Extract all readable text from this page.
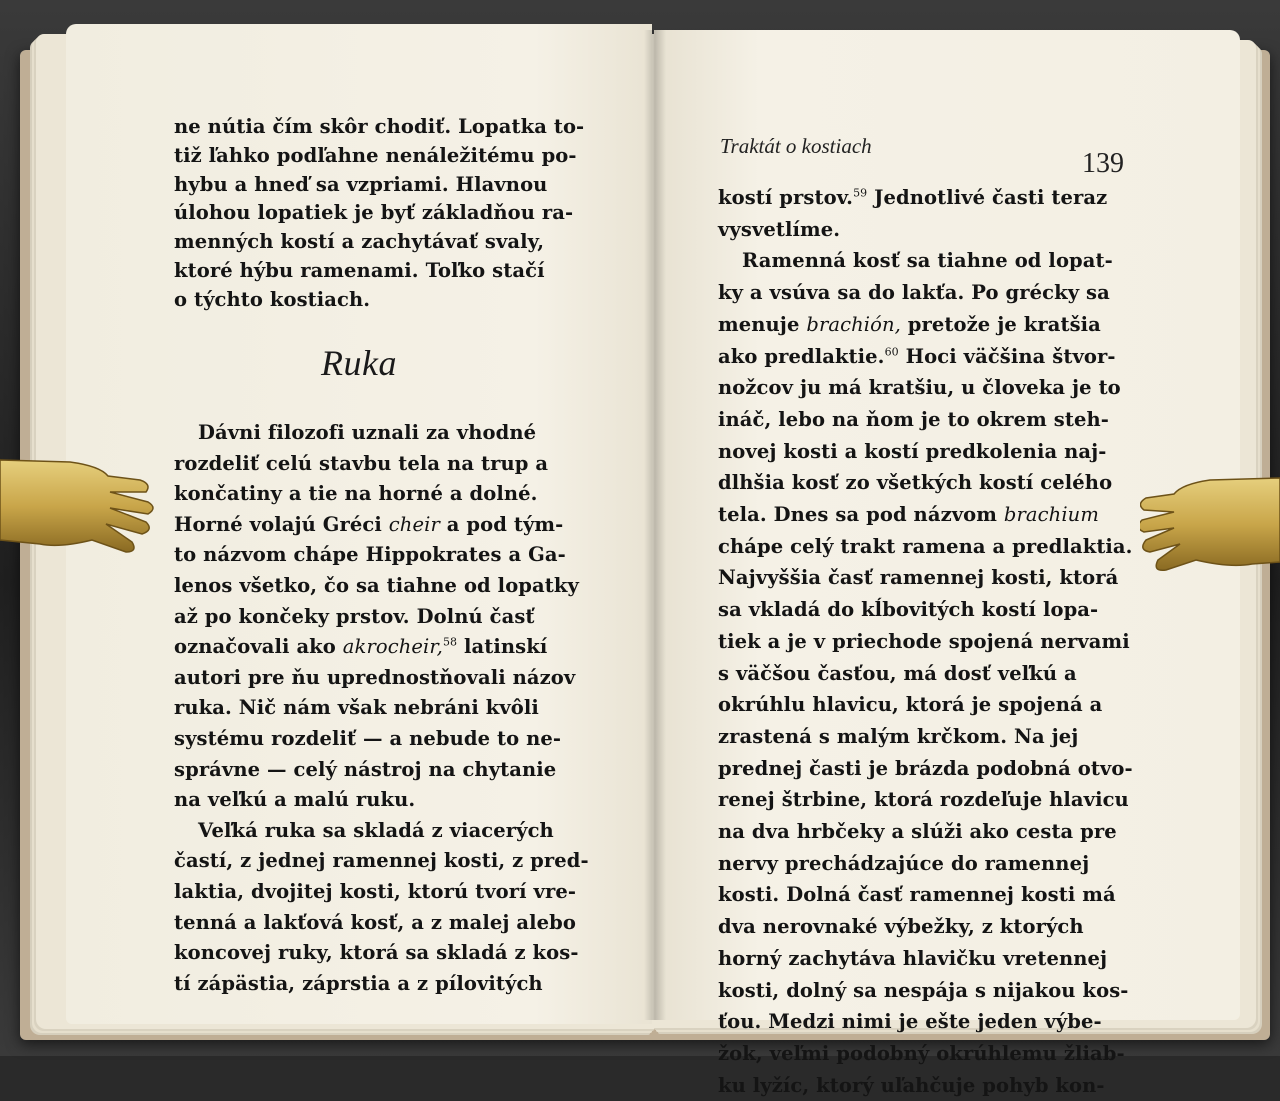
ne nútia čím skôr chodiť. Lopatka to-
tiž ľahko podľahne nenáležitému po-
hybu a hneď sa vzpriami. Hlavnou
úlohou lopatiek je byť základňou ra-
menných kostí a zachytávať svaly,
ktoré hýbu ramenami. Toľko stačí
o týchto kostiach.
Ruka
Dávni filozofi uznali za vhodné
rozdeliť celú stavbu tela na trup a
končatiny a tie na horné a dolné.
Horné volajú Gréci cheir a pod tým-
to názvom chápe Hippokrates a Ga-
lenos všetko, čo sa tiahne od lopatky
až po končeky prstov. Dolnú časť
označovali ako akrocheir,$^{58}$ latinskí
autori pre ňu uprednostňovali názov
ruka. Nič nám však nebráni kvôli
systému rozdeliť — a nebude to ne-
správne — celý nástroj na chytanie
na veľkú a malú ruku.
Veľká ruka sa skladá z viacerých
častí, z jednej ramennej kosti, z pred-
laktia, dvojitej kosti, ktorú tvorí vre-
tenná a lakťová kosť, a z malej alebo
koncovej ruky, ktorá sa skladá z kos-
tí zápästia, záprstia a z pílovitých
Traktát o kostiach
139
kostí prstov.$^{59}$ Jednotlivé časti teraz
vysvetlíme.
Ramenná kosť sa tiahne od lopat-
ky a vsúva sa do lakťa. Po grécky sa
menuje brachión, pretože je kratšia
ako predlaktie.$^{60}$ Hoci väčšina štvor-
nožcov ju má kratšiu, u človeka je to
ináč, lebo na ňom je to okrem steh-
novej kosti a kostí predkolenia naj-
dlhšia kosť zo všetkých kostí celého
tela. Dnes sa pod názvom brachium
chápe celý trakt ramena a predlaktia.
Najvyššia časť ramennej kosti, ktorá
sa vkladá do kĺbovitých kostí lopa-
tiek a je v priechode spojená nervami
s väčšou časťou, má dosť veľkú a
okrúhlu hlavicu, ktorá je spojená a
zrastená s malým krčkom. Na jej
prednej časti je brázda podobná otvo-
renej štrbine, ktorá rozdeľuje hlavicu
na dva hrbčeky a slúži ako cesta pre
nervy prechádzajúce do ramennej
kosti. Dolná časť ramennej kosti má
dva nerovnaké výbežky, z ktorých
horný zachytáva hlavičku vretennej
kosti, dolný sa nespája s nijakou kos-
ťou. Medzi nimi je ešte jeden výbe-
žok, veľmi podobný okrúhlemu žliab-
ku lyžíc, ktorý uľahčuje pohyb kon-
